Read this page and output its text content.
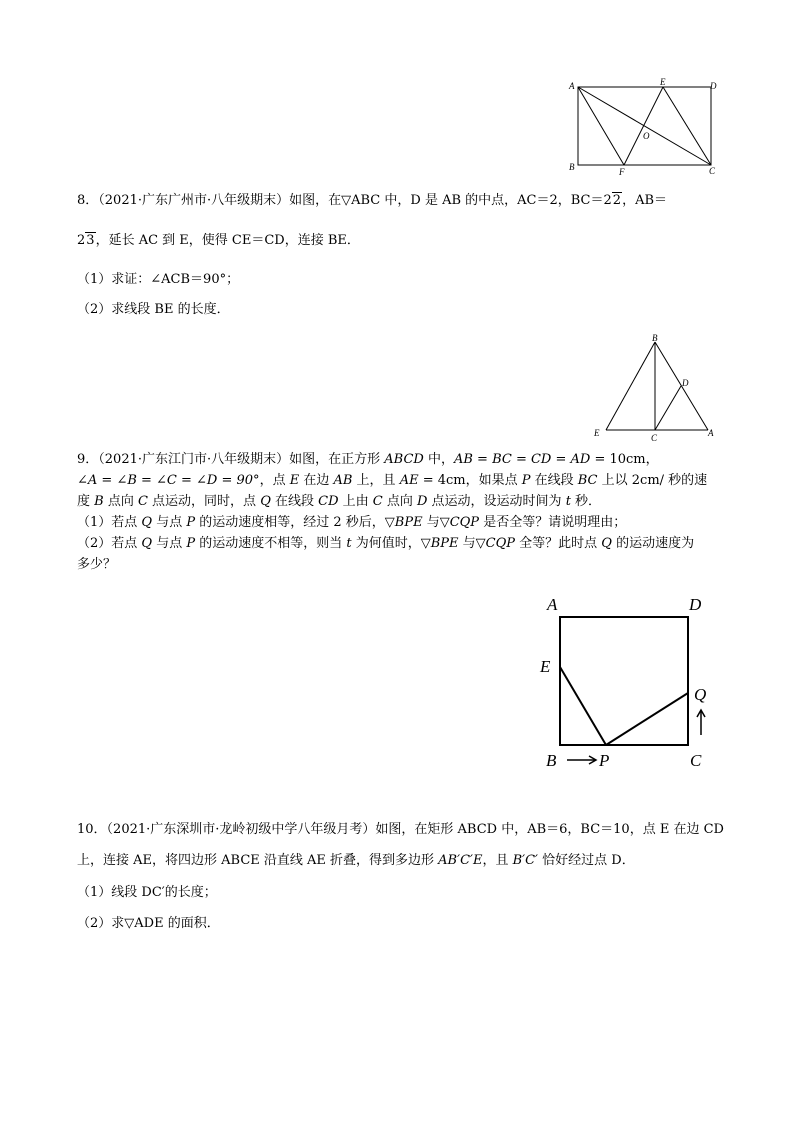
A	E	D
O
B	F	C
8．（2021·广东广州市·八年级期末）如图，在▽ABC 中，D 是 AB 的中点，AC＝2，BC＝22，AB＝
23，延长 AC 到 E，使得 CE＝CD，连接 BE．
（1）求证：∠ACB＝90°；
（2）求线段 BE 的长度．
B
D
E	C	A
9．（2021·广东江门市·八年级期末）如图，在正方形 ABCD 中，AB = BC = CD = AD = 10cm，
∠A = ∠B = ∠C = ∠D = 90°，点 E 在边 AB 上，且 AE = 4cm，如果点 P 在线段 BC 上以 2cm/ 秒的速
度 B 点向 C 点运动，同时，点 Q 在线段 CD 上由 C 点向 D 点运动，设运动时间为 t 秒．
（1）若点 Q 与点 P 的运动速度相等，经过 2 秒后，▽BPE 与▽CQP 是否全等？请说明理由；
（2）若点 Q 与点 P 的运动速度不相等，则当 t 为何值时，▽BPE 与▽CQP 全等？此时点 Q 的运动速度为
多少？
A	D
E
Q
B	P	C
10．（2021·广东深圳市·龙岭初级中学八年级月考）如图，在矩形 ABCD 中，AB＝6，BC＝10，点 E 在边 CD
上，连接 AE，将四边形 ABCE 沿直线 AE 折叠，得到多边形 AB′C′E，且 B′C′ 恰好经过点 D．
（1）线段 DC′的长度；
（2）求▽ADE 的面积．
